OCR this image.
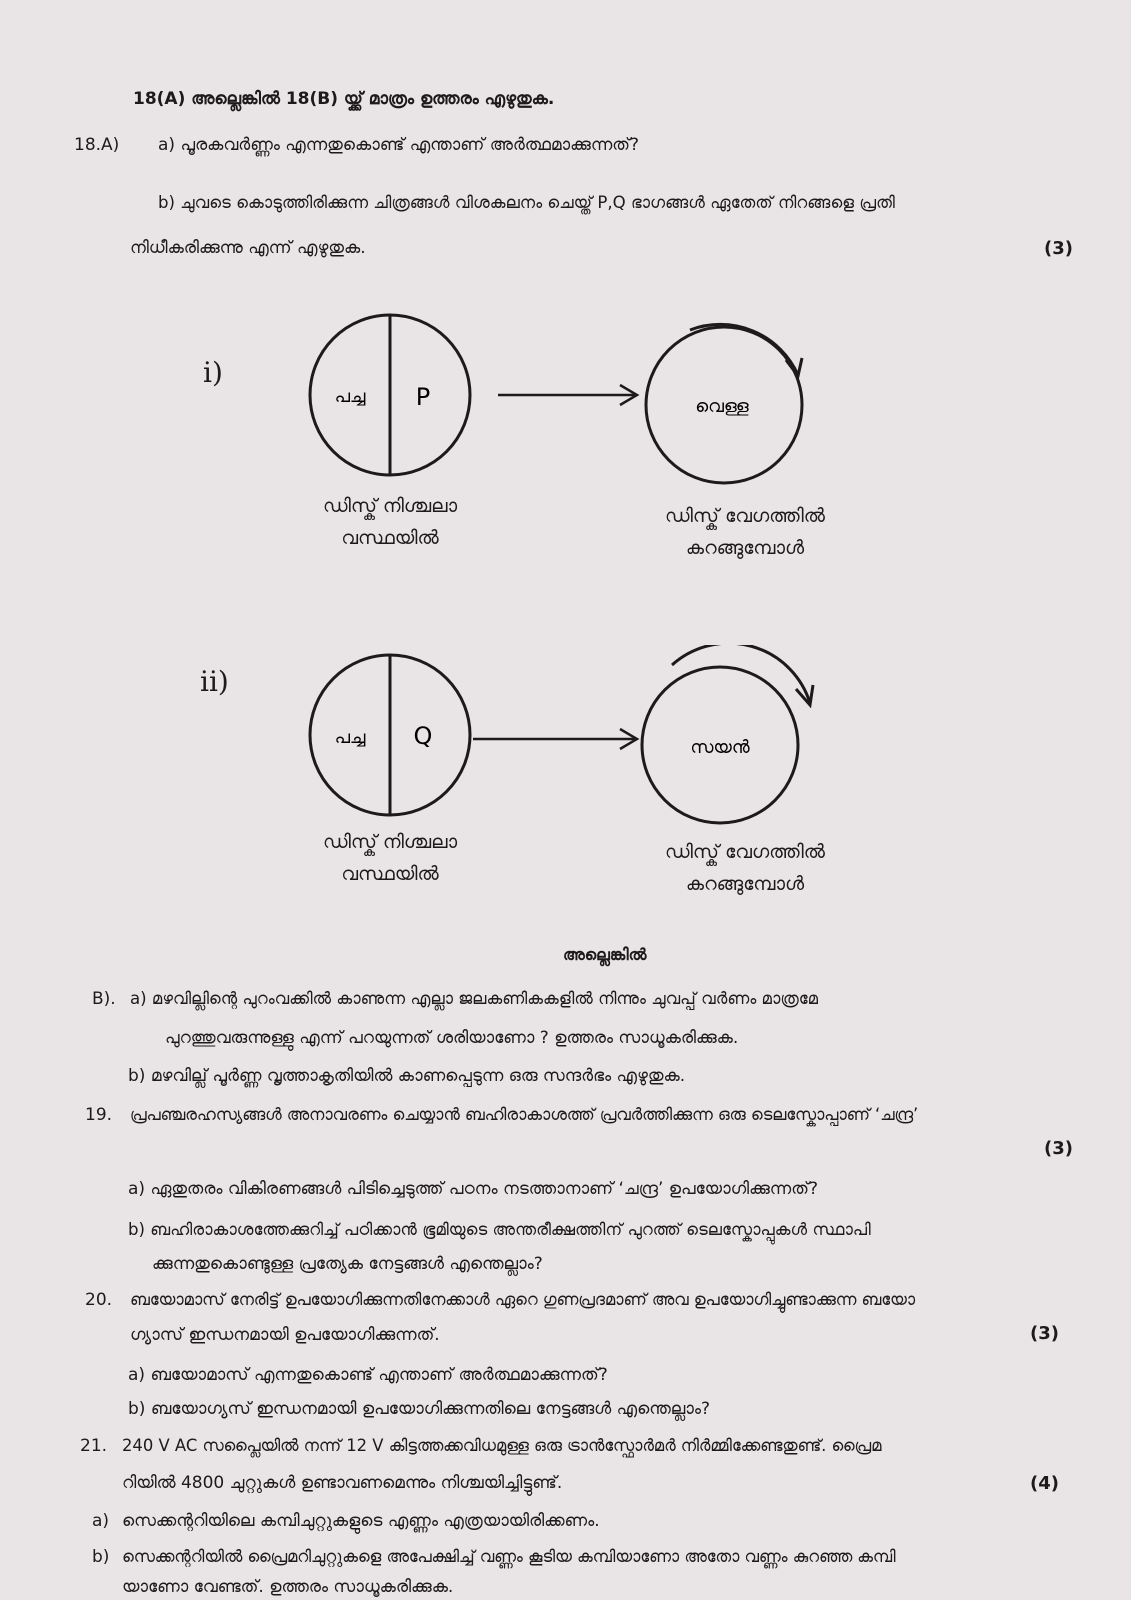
18(A) അല്ലെങ്കിൽ 18(B) യ്ക്ക് മാത്രം ഉത്തരം എഴുതുക.
18.A) a) പൂരകവർണ്ണം എന്നതുകൊണ്ട് എന്താണ് അർത്ഥമാക്കുന്നത്?
b) ചുവടെ കൊടുത്തിരിക്കുന്ന ചിത്രങ്ങൾ വിശകലനം ചെയ്ത് P,Q ഭാഗങ്ങൾ ഏതേത് നിറങ്ങളെ പ്രതി
നിധീകരിക്കുന്നു എന്ന് എഴുതുക.	(3)
i)
പച്ച P	വെള്ള
ഡിസ്ക് നിശ്ചലാ
വസ്ഥയിൽ
ഡിസ്ക് വേഗത്തിൽ
കറങ്ങുമ്പോൾ
ii)
പച്ച Q	സയൻ
ഡിസ്ക് നിശ്ചലാ
വസ്ഥയിൽ
ഡിസ്ക് വേഗത്തിൽ
കറങ്ങുമ്പോൾ
അല്ലെങ്കിൽ
B). a) മഴവില്ലിന്റെ പുറംവക്കിൽ കാണുന്ന എല്ലാ ജലകണികകളിൽ നിന്നും ചുവപ്പ് വർണം മാത്രമേ
പുറത്തുവരുന്നുള്ളു എന്ന് പറയുന്നത് ശരിയാണോ ? ഉത്തരം സാധൂകരിക്കുക.
b) മഴവില്ല് പൂർണ്ണ വൃത്താകൃതിയിൽ കാണപ്പെടുന്ന ഒരു സന്ദർഭം എഴുതുക.
19. പ്രപഞ്ചരഹസ്യങ്ങൾ അനാവരണം ചെയ്യാൻ ബഹിരാകാശത്ത് പ്രവർത്തിക്കുന്ന ഒരു ടെലസ്കോപ്പാണ് ‘ചന്ദ്ര’
(3)
a) ഏതുതരം വികിരണങ്ങൾ പിടിച്ചെടുത്ത് പഠനം നടത്താനാണ് ‘ചന്ദ്ര’ ഉപയോഗിക്കുന്നത്?
b) ബഹിരാകാശത്തേക്കുറിച്ച് പഠിക്കാൻ ഭൂമിയുടെ അന്തരീക്ഷത്തിന് പുറത്ത് ടെലസ്കോപ്പുകൾ സ്ഥാപി
ക്കുന്നതുകൊണ്ടുള്ള പ്രത്യേക നേട്ടങ്ങൾ എന്തെല്ലാം?
20. ബയോമാസ് നേരിട്ട് ഉപയോഗിക്കുന്നതിനേക്കാൾ ഏറെ ഗുണപ്രദമാണ് അവ ഉപയോഗിച്ചുണ്ടാക്കുന്ന ബയോ
ഗ്യാസ് ഇന്ധനമായി ഉപയോഗിക്കുന്നത്.	(3)
a) ബയോമാസ് എന്നതുകൊണ്ട് എന്താണ് അർത്ഥമാക്കുന്നത്?
b) ബയോഗ്യസ് ഇന്ധനമായി ഉപയോഗിക്കുന്നതിലെ നേട്ടങ്ങൾ എന്തെല്ലാം?
21. 240 V AC സപ്ലൈയിൽ നന്ന് 12 V കിട്ടത്തക്കവിധമുള്ള ഒരു ട്രാൻസ്ഫോർമർ നിർമ്മിക്കേണ്ടതുണ്ട്. പ്രൈമ
റിയിൽ 4800 ചുറ്റുകൾ ഉണ്ടാവണമെന്നും നിശ്ചയിച്ചിട്ടുണ്ട്.	(4)
a) സെക്കന്ററിയിലെ കമ്പിചുറ്റുകളുടെ എണ്ണം എത്രയായിരിക്കണം.
b) സെക്കന്ററിയിൽ പ്രൈമറിചുറ്റുകളെ അപേക്ഷിച്ച് വണ്ണം കൂടിയ കമ്പിയാണോ അതോ വണ്ണം കുറഞ്ഞ കമ്പി
യാണോ വേണ്ടത്. ഉത്തരം സാധൂകരിക്കുക.
